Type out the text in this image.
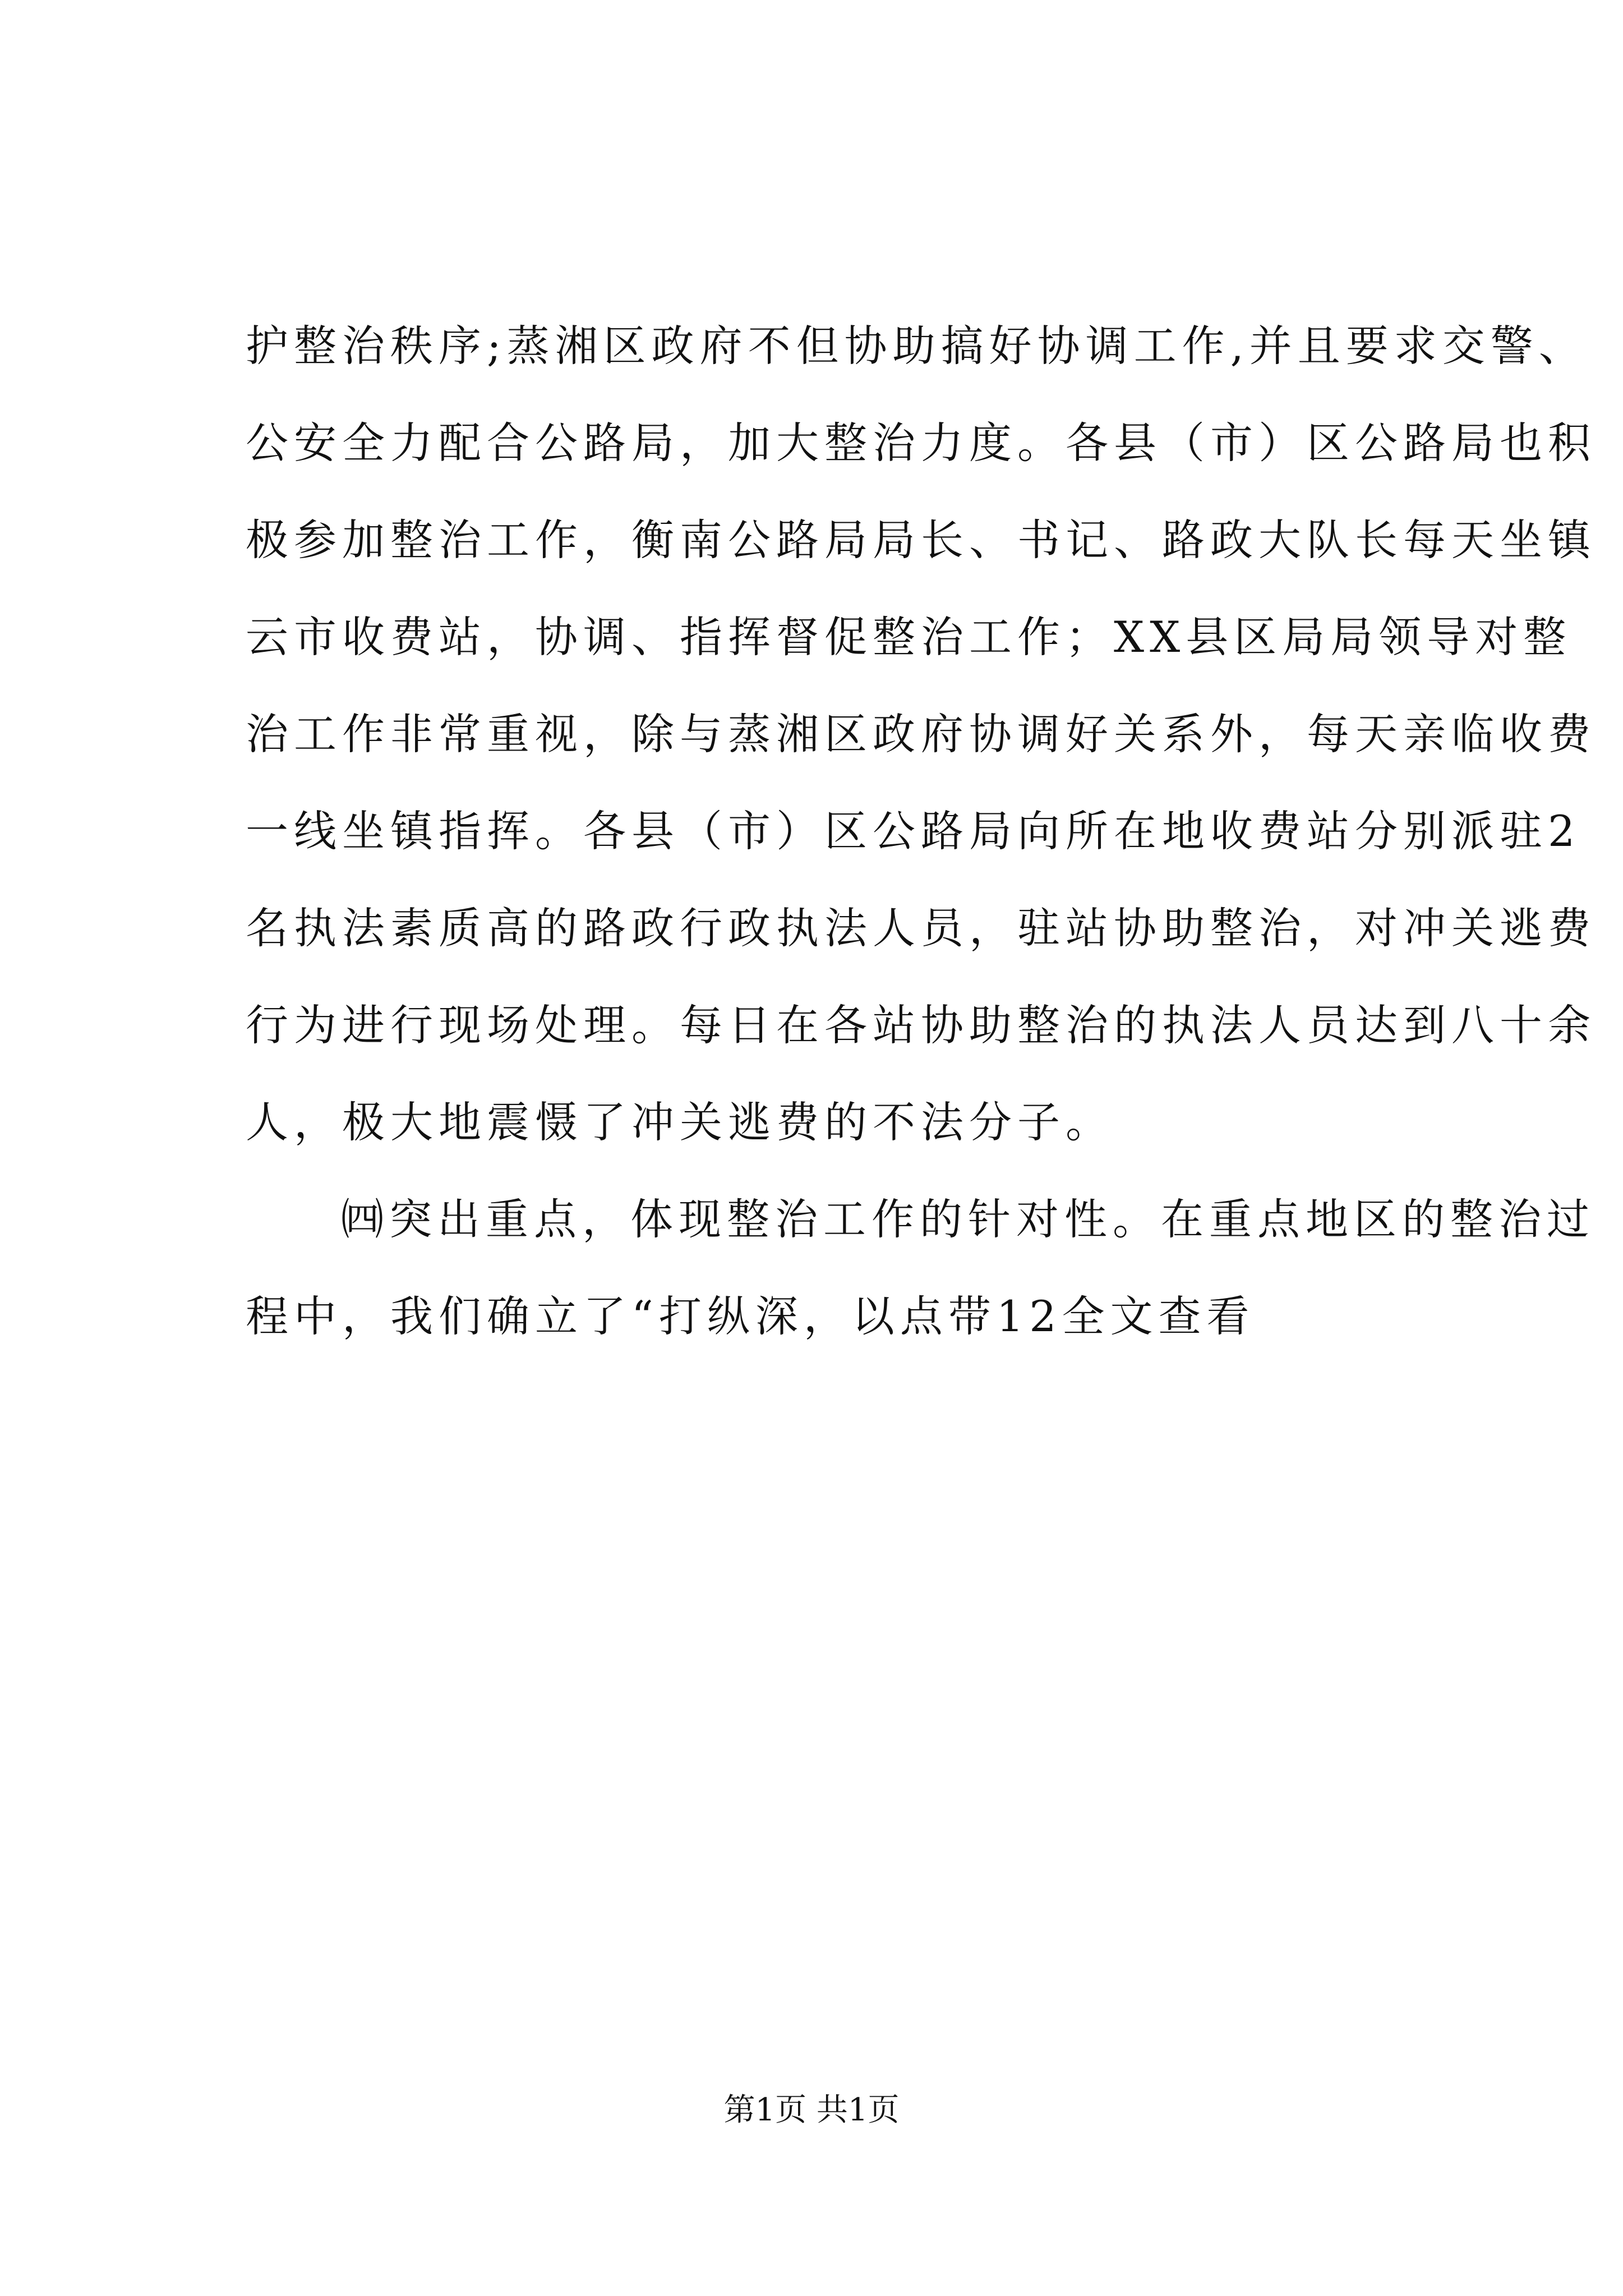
护整治秩序;蒸湘区政府不但协助搞好协调工作,并且要求交警、
公安全力配合公路局，加大整治力度。各县（市）区公路局也积
极参加整治工作，衡南公路局局长、书记、路政大队长每天坐镇
云市收费站，协调、指挥督促整治工作；XX县区局局领导对整
治工作非常重视，除与蒸湘区政府协调好关系外，每天亲临收费
一线坐镇指挥。各县（市）区公路局向所在地收费站分别派驻2
名执法素质高的路政行政执法人员，驻站协助整治，对冲关逃费
行为进行现场处理。每日在各站协助整治的执法人员达到八十余
人，极大地震慑了冲关逃费的不法分子。
㈣突出重点，体现整治工作的针对性。在重点地区的整治过
程中，我们确立了“打纵深，以点带12全文查看
第1页 共1页
